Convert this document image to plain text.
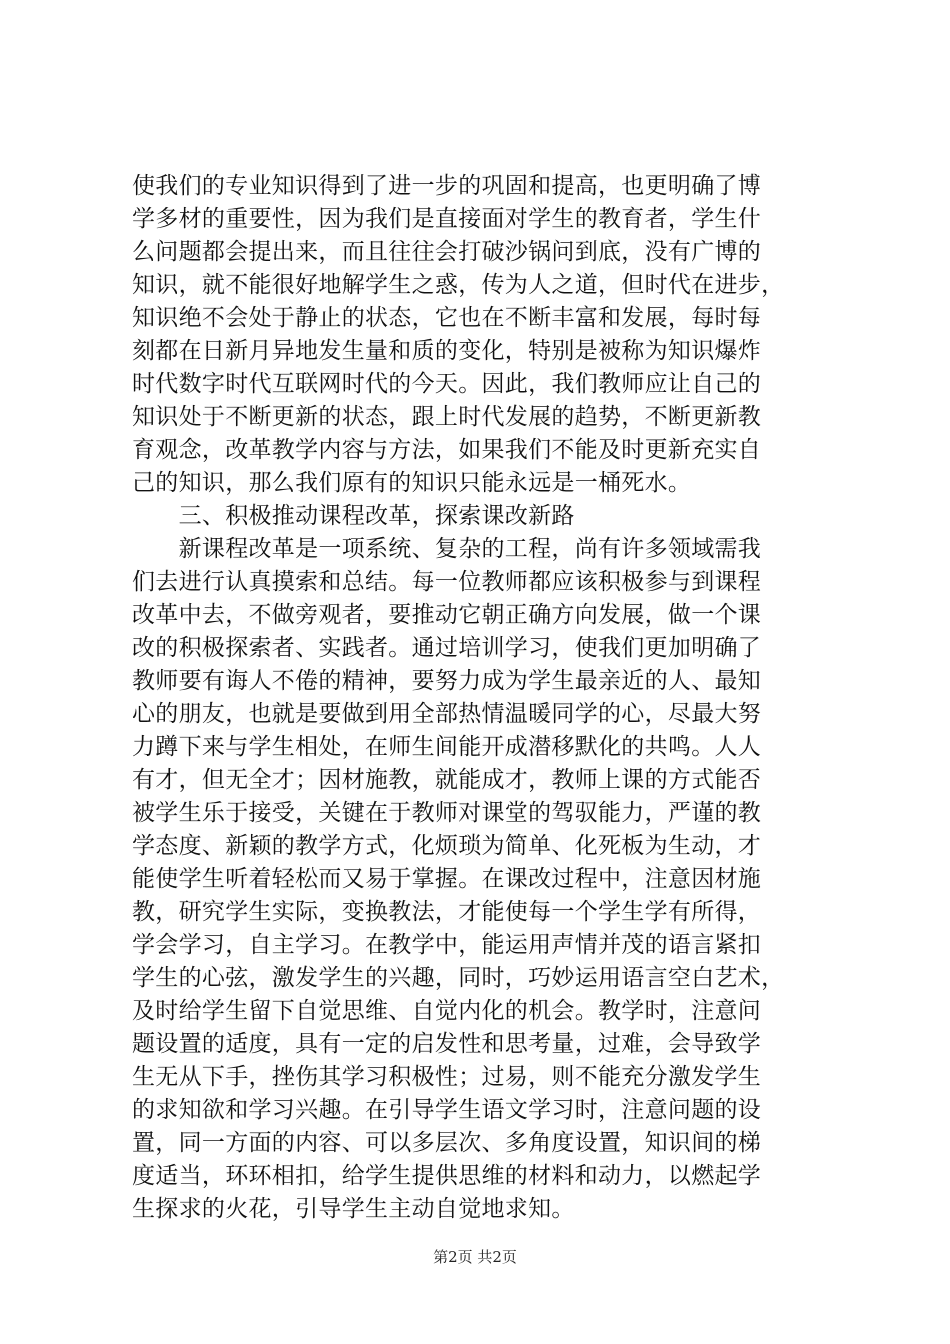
使我们的专业知识得到了进一步的巩固和提高，也更明确了博
学多材的重要性，因为我们是直接面对学生的教育者，学生什
么问题都会提出来，而且往往会打破沙锅问到底，没有广博的
知识，就不能很好地解学生之惑，传为人之道，但时代在进步，
知识绝不会处于静止的状态，它也在不断丰富和发展，每时每
刻都在日新月异地发生量和质的变化，特别是被称为知识爆炸
时代数字时代互联网时代的今天。因此，我们教师应让自己的
知识处于不断更新的状态，跟上时代发展的趋势，不断更新教
育观念，改革教学内容与方法，如果我们不能及时更新充实自
己的知识，那么我们原有的知识只能永远是一桶死水。
　　三、积极推动课程改革，探索课改新路
　　新课程改革是一项系统、复杂的工程，尚有许多领域需我
们去进行认真摸索和总结。每一位教师都应该积极参与到课程
改革中去，不做旁观者，要推动它朝正确方向发展，做一个课
改的积极探索者、实践者。通过培训学习，使我们更加明确了
教师要有诲人不倦的精神，要努力成为学生最亲近的人、最知
心的朋友，也就是要做到用全部热情温暖同学的心，尽最大努
力蹲下来与学生相处，在师生间能开成潜移默化的共鸣。人人
有才，但无全才；因材施教，就能成才，教师上课的方式能否
被学生乐于接受，关键在于教师对课堂的驾驭能力，严谨的教
学态度、新颖的教学方式，化烦琐为简单、化死板为生动，才
能使学生听着轻松而又易于掌握。在课改过程中，注意因材施
教，研究学生实际，变换教法，才能使每一个学生学有所得，
学会学习，自主学习。在教学中，能运用声情并茂的语言紧扣
学生的心弦，激发学生的兴趣，同时，巧妙运用语言空白艺术，
及时给学生留下自觉思维、自觉内化的机会。教学时，注意问
题设置的适度，具有一定的启发性和思考量，过难，会导致学
生无从下手，挫伤其学习积极性；过易，则不能充分激发学生
的求知欲和学习兴趣。在引导学生语文学习时，注意问题的设
置，同一方面的内容、可以多层次、多角度设置，知识间的梯
度适当，环环相扣，给学生提供思维的材料和动力，以燃起学
生探求的火花，引导学生主动自觉地求知。
第2页 共2页
